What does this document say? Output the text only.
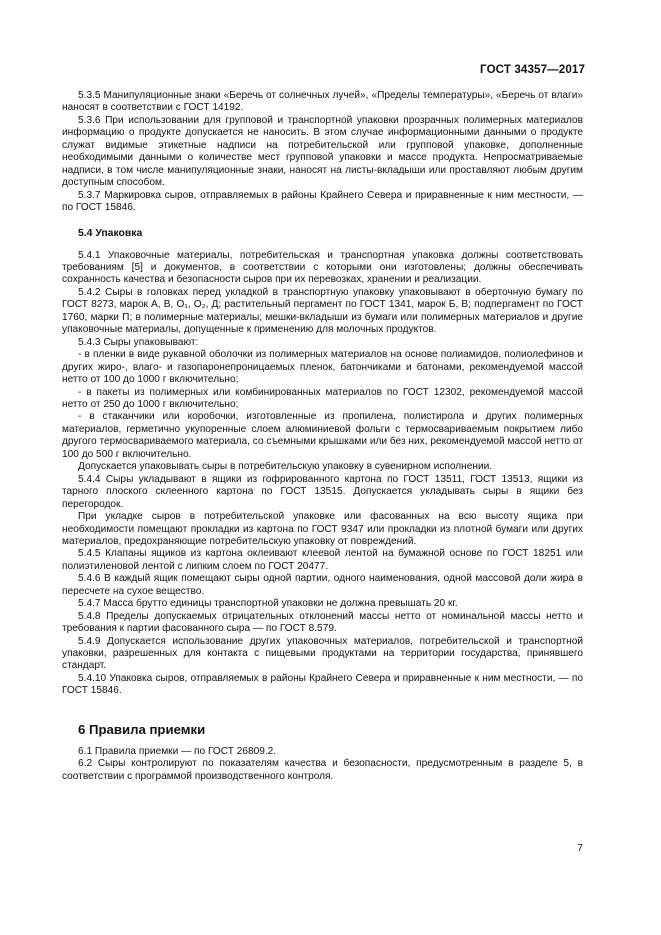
ГОСТ 34357—2017

5.3.5 Манипуляционные знаки «Беречь от солнечных лучей», «Пределы температуры», «Беречь от влаги» наносят в соответствии с ГОСТ 14192.

5.3.6 При использовании для групповой и транспортной упаковки прозрачных полимерных материалов информацию о продукте допускается не наносить. В этом случае информационными данными о продукте служат видимые этикетные надписи на потребительской или групповой упаковке, дополненные необходимыми данными о количестве мест групповой упаковки и массе продукта. Непросматриваемые надписи, в том числе манипуляционные знаки, наносят на листы-вкладыши или проставляют любым другим доступным способом.

5.3.7 Маркировка сыров, отправляемых в районы Крайнего Севера и приравненные к ним местности, — по ГОСТ 15846.

5.4 Упаковка

5.4.1 Упаковочные материалы, потребительская и транспортная упаковка должны соответствовать требованиям [5] и документов, в соответствии с которыми они изготовлены; должны обеспечивать сохранность качества и безопасности сыров при их перевозках, хранении и реализации.

5.4.2 Сыры в головках перед укладкой в транспортную упаковку упаковывают в оберточную бумагу по ГОСТ 8273, марок А, В, О₁, О₂, Д; растительный пергамент по ГОСТ 1341, марок Б, В; подпергамент по ГОСТ 1760, марки П; в полимерные материалы; мешки-вкладыши из бумаги или полимерных материалов и другие упаковочные материалы, допущенные к применению для молочных продуктов.

5.4.3 Сыры упаковывают:

- в пленки в виде рукавной оболочки из полимерных материалов на основе полиамидов, полиолефинов и других жиро-, влаго- и газопаронепроницаемых пленок, батончиками и батонами, рекомендуемой массой нетто от 100 до 1000 г включительно;

- в пакеты из полимерных или комбинированных материалов по ГОСТ 12302, рекомендуемой массой нетто от 250 до 1000 г включительно;

- в стаканчики или коробочки, изготовленные из пропилена, полистирола и других полимерных материалов, герметично укупоренные слоем алюминиевой фольги с термосвариваемым покрытием либо другого термосвариваемого материала, со съемными крышками или без них, рекомендуемой массой нетто от 100 до 500 г включительно.

Допускается упаковывать сыры в потребительскую упаковку в сувенирном исполнении.

5.4.4 Сыры укладывают в ящики из гофрированного картона по ГОСТ 13511, ГОСТ 13513, ящики из тарного плоского склеенного картона по ГОСТ 13515. Допускается укладывать сыры в ящики без перегородок.

При укладке сыров в потребительской упаковке или фасованных на всю высоту ящика при необходимости помещают прокладки из картона по ГОСТ 9347 или прокладки из плотной бумаги или других материалов, предохраняющие потребительскую упаковку от повреждений.

5.4.5 Клапаны ящиков из картона оклеивают клеевой лентой на бумажной основе по ГОСТ 18251 или полиэтиленовой лентой с липким слоем по ГОСТ 20477.

5.4.6 В каждый ящик помещают сыры одной партии, одного наименования, одной массовой доли жира в пересчете на сухое вещество.

5.4.7 Масса брутто единицы транспортной упаковки не должна превышать 20 кг.

5.4.8 Пределы допускаемых отрицательных отклонений массы нетто от номинальной массы нетто и требования к партии фасованного сыра — по ГОСТ 8.579.

5.4.9 Допускается использование других упаковочных материалов, потребительской и транспортной упаковки, разрешенных для контакта с пищевыми продуктами на территории государства, принявшего стандарт.

5.4.10 Упаковка сыров, отправляемых в районы Крайнего Севера и приравненные к ним местности, — по ГОСТ 15846.

6 Правила приемки

6.1 Правила приемки — по ГОСТ 26809.2.

6.2 Сыры контролируют по показателям качества и безопасности, предусмотренным в разделе 5, в соответствии с программой производственного контроля.

7
